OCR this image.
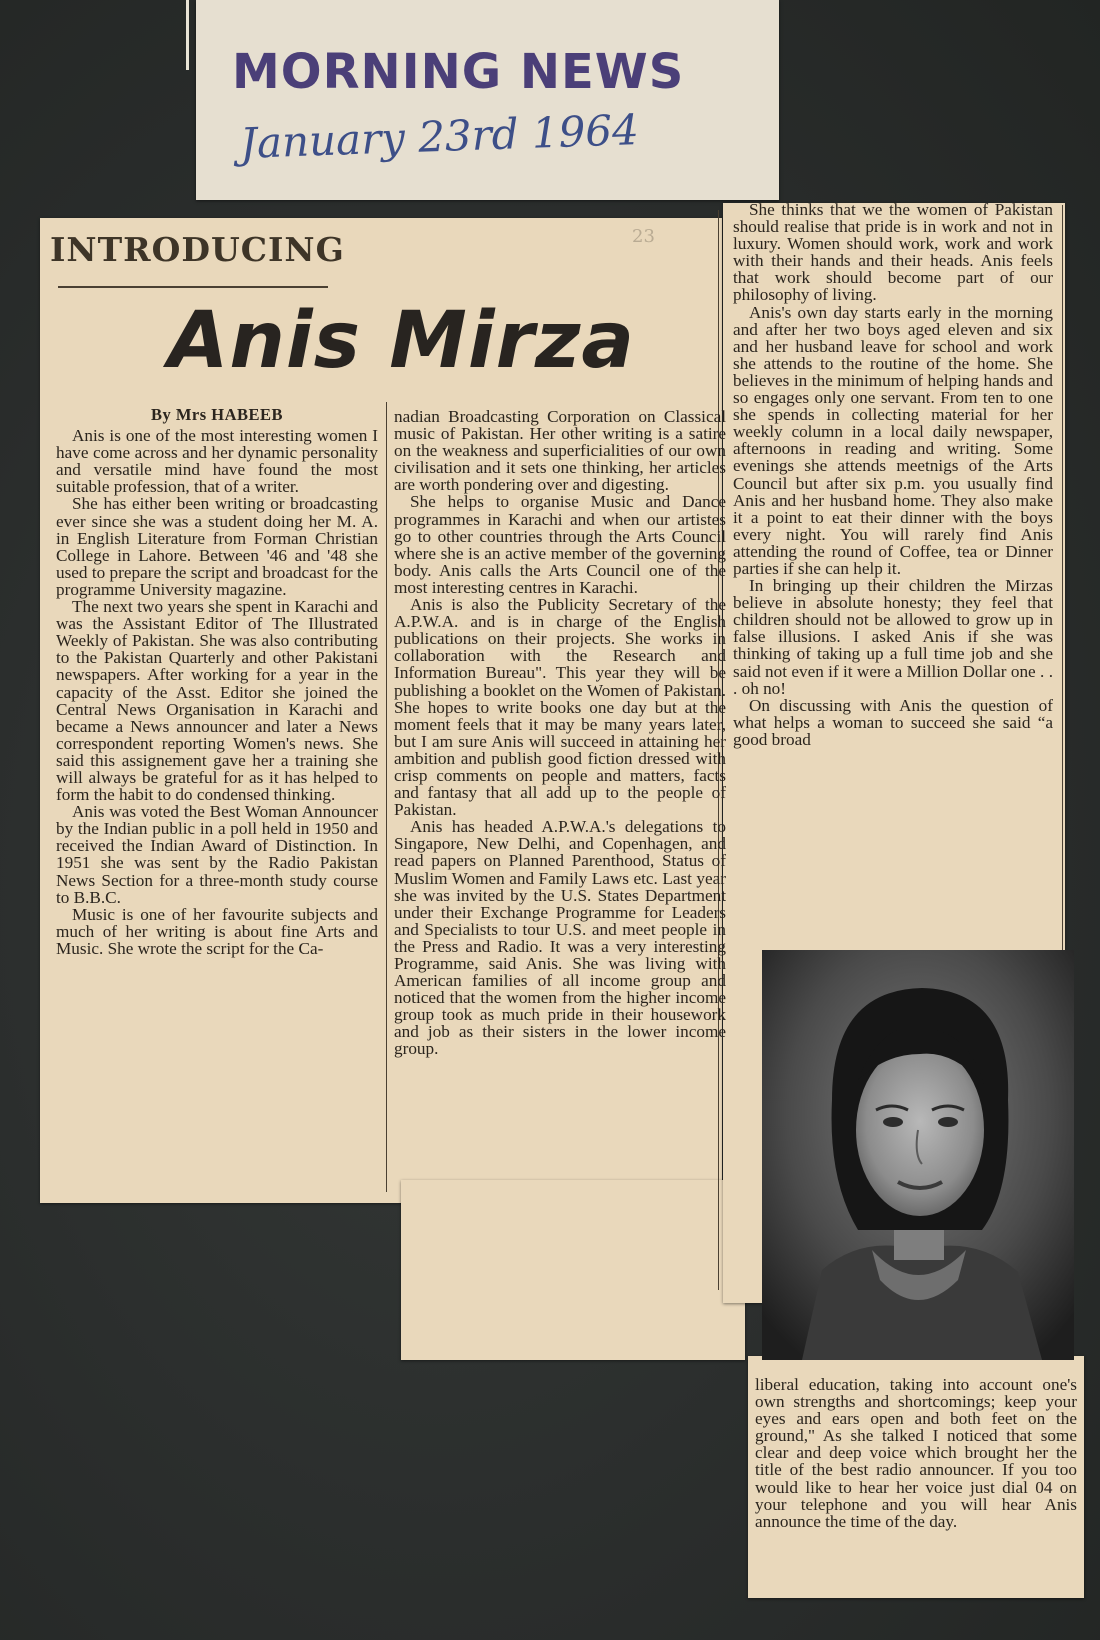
MORNING NEWS
January 23rd 1964
INTRODUCING	23
Anis Mirza
By Mrs HABEEB

Anis is one of the most interesting women I have come across and her dynamic personality and versatile mind have found the most suitable profession, that of a writer.

She has either been writing or broadcasting ever since she was a student doing her M. A. in English Literature from Forman Christian College in Lahore. Between '46 and '48 she used to prepare the script and broadcast for the programme University magazine.

The next two years she spent in Karachi and was the Assistant Editor of The Illustrated Weekly of Pakistan. She was also contributing to the Pakistan Quarterly and other Pakistani newspapers. After working for a year in the capacity of the Asst. Editor she joined the Central News Organisation in Karachi and became a News announcer and later a News correspondent reporting Women's news. She said this assignement gave her a training she will always be grateful for as it has helped to form the habit to do condensed thinking.

Anis was voted the Best Woman Announcer by the Indian public in a poll held in 1950 and received the Indian Award of Distinction. In 1951 she was sent by the Radio Pakistan News Section for a three-month study course to B.B.C.

Music is one of her favourite subjects and much of her writing is about fine Arts and Music. She wrote the script for the Ca-

nadian Broadcasting Corporation on Classical music of Pakistan. Her other writing is a satire on the weakness and superficialities of our own civilisation and it sets one thinking, her articles are worth pondering over and digesting.

She helps to organise Music and Dance programmes in Karachi and when our artistes go to other countries through the Arts Council where she is an active member of the governing body. Anis calls the Arts Council one of the most interesting centres in Karachi.

Anis is also the Publicity Secretary of the A.P.W.A. and is in charge of the English publications on their projects. She works in collaboration with the Research and Information Bureau". This year they will be publishing a booklet on the Women of Pakistan. She hopes to write books one day but at the moment feels that it may be many years later, but I am sure Anis will succeed in attaining her ambition and publish good fiction dressed with crisp comments on people and matters, facts and fantasy that all add up to the people of Pakistan.

Anis has headed A.P.W.A.'s delegations to Singapore, New Delhi, and Copenhagen, and read papers on Planned Parenthood, Status of Muslim Women and Family Laws etc. Last year she was invited by the U.S. States Department under their Exchange Programme for Leaders and Specialists to tour U.S. and meet people in the Press and Radio. It was a very interesting Programme, said Anis. She was living with American families of all income group and noticed that the women from the higher income group took as much pride in their housework and job as their sisters in the lower income group.

She thinks that we the women of Pakistan should realise that pride is in work and not in luxury. Women should work, work and work with their hands and their heads. Anis feels that work should become part of our philosophy of living.

Anis's own day starts early in the morning and after her two boys aged eleven and six and her husband leave for school and work she attends to the routine of the home. She believes in the minimum of helping hands and so engages only one servant. From ten to one she spends in collecting material for her weekly column in a local daily newspaper, afternoons in reading and writing. Some evenings she attends meetnigs of the Arts Council but after six p.m. you usually find Anis and her husband home. They also make it a point to eat their dinner with the boys every night. You will rarely find Anis attending the round of Coffee, tea or Dinner parties if she can help it.

In bringing up their children the Mirzas believe in absolute honesty; they feel that children should not be allowed to grow up in false illusions. I asked Anis if she was thinking of taking up a full time job and she said not even if it were a Million Dollar one . . . oh no!

On discussing with Anis the question of what helps a woman to succeed she said “a good broad

liberal education, taking into account one's own strengths and shortcomings; keep your eyes and ears open and both feet on the ground," As she talked I noticed that some clear and deep voice which brought her the title of the best radio announcer. If you too would like to hear her voice just dial 04 on your telephone and you will hear Anis announce the time of the day.
